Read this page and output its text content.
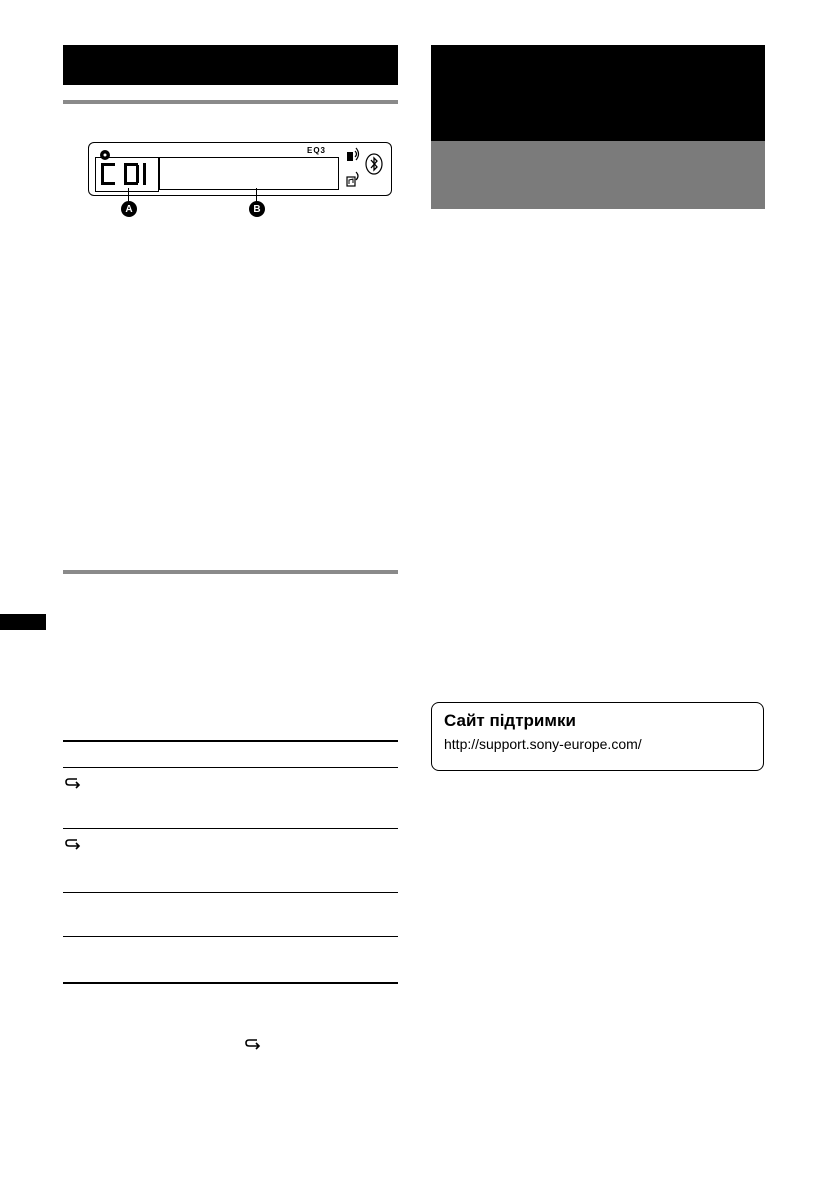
EQ3
A	B
Сайт підтримки
http://support.sony-europe.com/
